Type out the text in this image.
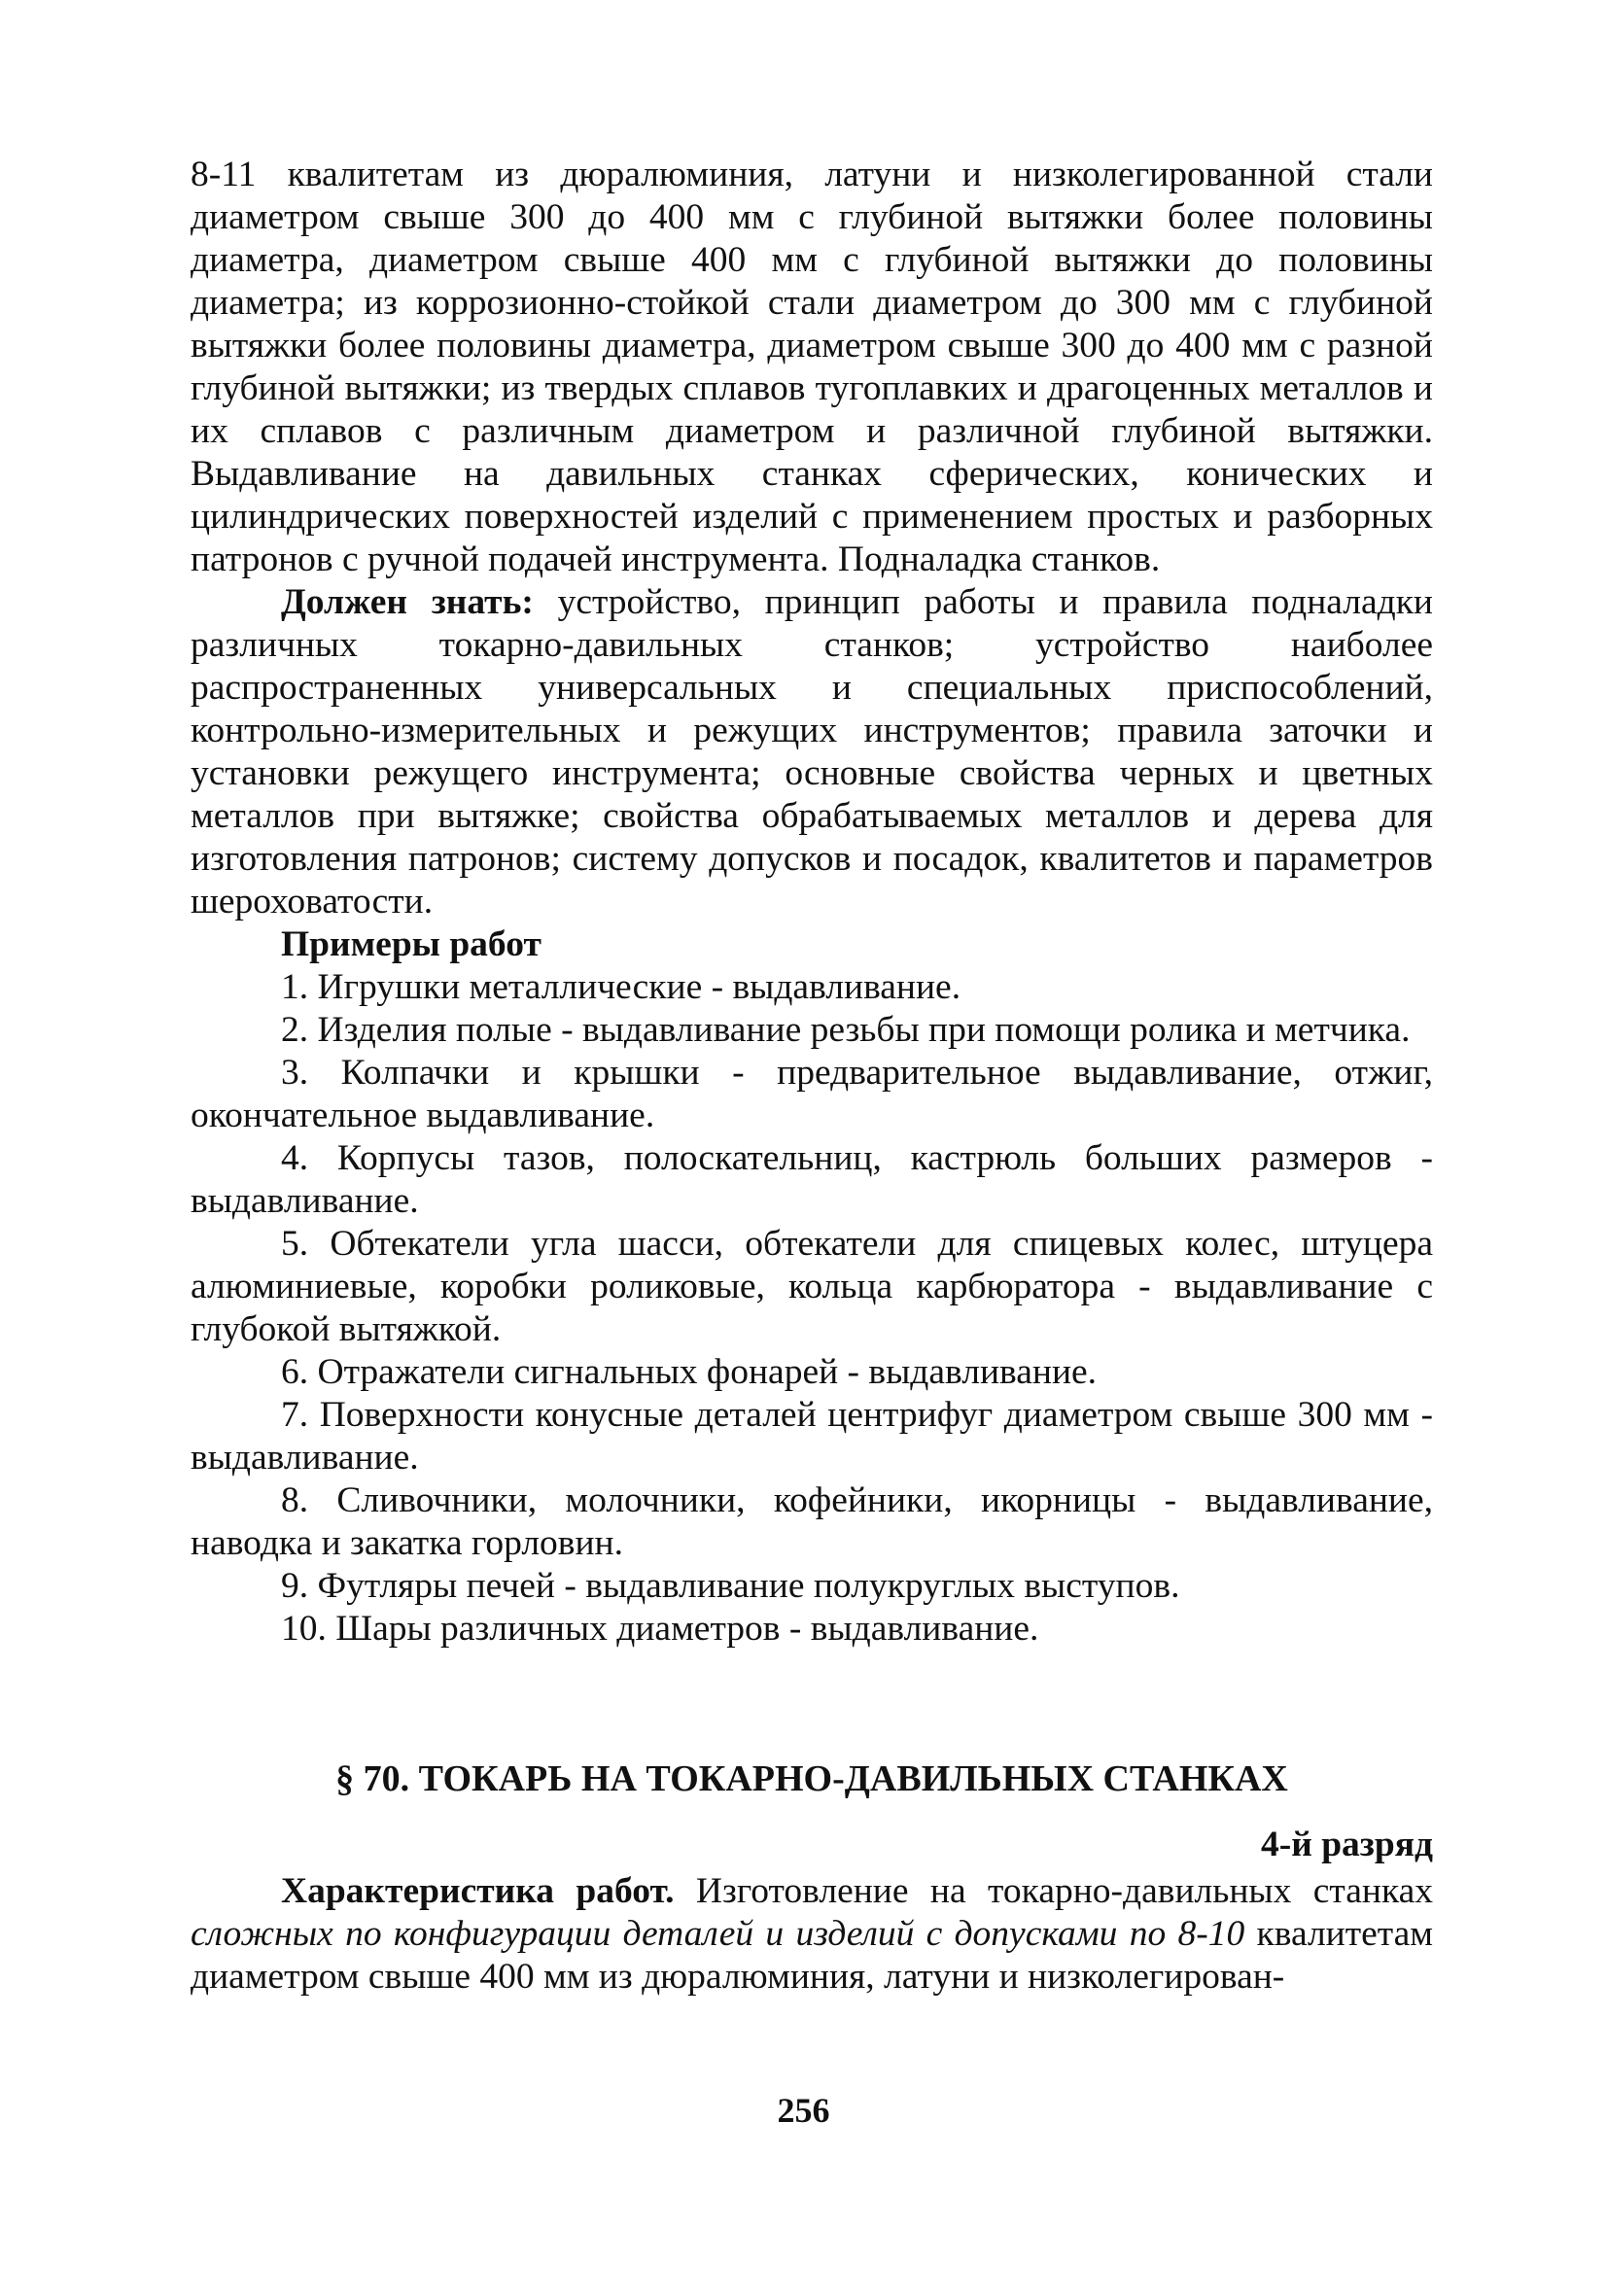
8-11 квалитетам из дюралюминия, латуни и низколегированной стали диаметром свыше 300 до 400 мм с глубиной вытяжки более половины диаметра, диаметром свыше 400 мм с глубиной вытяжки до половины диаметра; из коррозионно-стойкой стали диаметром до 300 мм с глубиной вытяжки более половины диаметра, диаметром свыше 300 до 400 мм с разной глубиной вытяжки; из твердых сплавов тугоплавких и драгоценных металлов и их сплавов с различным диаметром и различной глубиной вытяжки. Выдавливание на давильных станках сферических, конических и цилиндрических поверхностей изделий с применением простых и разборных патронов с ручной подачей инструмента. Подналадка станков.

Должен знать: устройство, принцип работы и правила подналадки различных токарно-давильных станков; устройство наиболее распространенных универсальных и специальных приспособлений, контрольно-измерительных и режущих инструментов; правила заточки и установки режущего инструмента; основные свойства черных и цветных металлов при вытяжке; свойства обрабатываемых металлов и дерева для изготовления патронов; систему допусков и посадок, квалитетов и параметров шероховатости.

Примеры работ

1. Игрушки металлические - выдавливание.

2. Изделия полые - выдавливание резьбы при помощи ролика и метчика.

3. Колпачки и крышки - предварительное выдавливание, отжиг, окончательное выдавливание.

4. Корпусы тазов, полоскательниц, кастрюль больших размеров - выдавливание.

5. Обтекатели угла шасси, обтекатели для спицевых колес, штуцера алюминиевые, коробки роликовые, кольца карбюратора - выдавливание с глубокой вытяжкой.

6. Отражатели сигнальных фонарей - выдавливание.

7. Поверхности конусные деталей центрифуг диаметром свыше 300 мм - выдавливание.

8. Сливочники, молочники, кофейники, икорницы - выдавливание, наводка и закатка горловин.

9. Футляры печей - выдавливание полукруглых выступов.

10. Шары различных диаметров - выдавливание.

§ 70. ТОКАРЬ НА ТОКАРНО-ДАВИЛЬНЫХ СТАНКАХ
4-й разряд

Характеристика работ. Изготовление на токарно-давильных станках сложных по конфигурации деталей и изделий с допусками по 8-10 квалитетам диаметром свыше 400 мм из дюралюминия, латуни и низколегирован-

256
